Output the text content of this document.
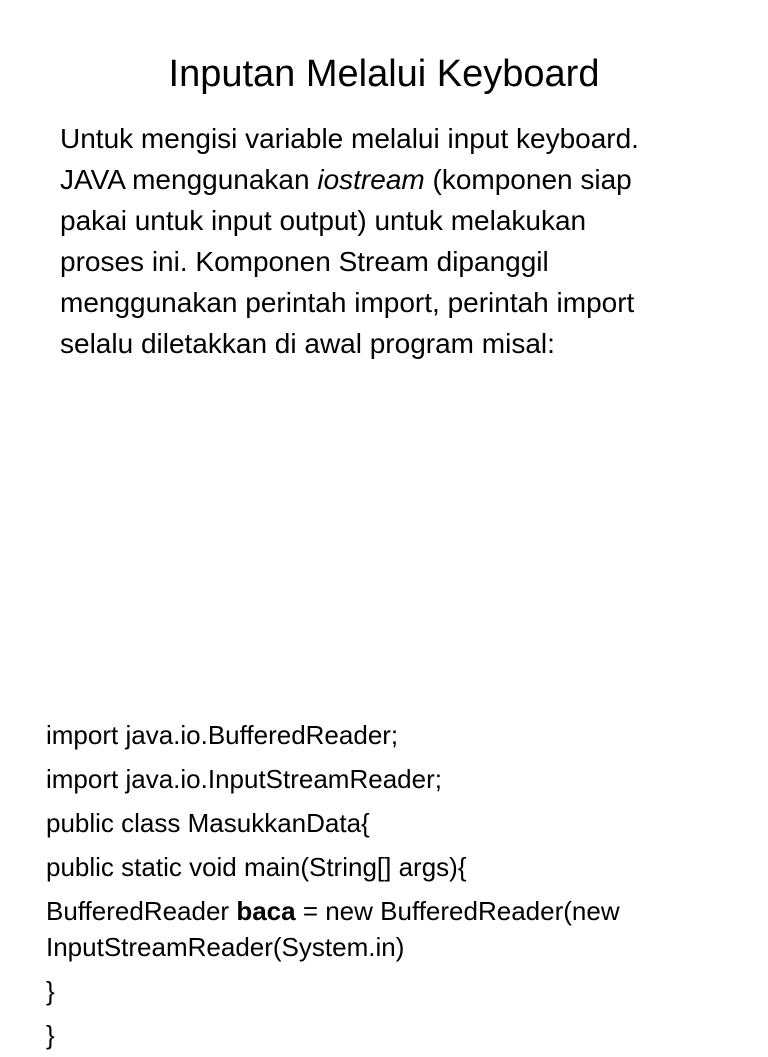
Inputan Melalui Keyboard
Untuk mengisi variable melalui input keyboard.
JAVA menggunakan iostream (komponen siap
pakai untuk input output) untuk melakukan
proses ini. Komponen Stream dipanggil
menggunakan perintah import, perintah import
selalu diletakkan di awal program misal:
import java.io.BufferedReader;
import java.io.InputStreamReader;
public class MasukkanData{
public static void main(String[] args){
BufferedReader baca = new BufferedReader(new
InputStreamReader(System.in)
}
}
